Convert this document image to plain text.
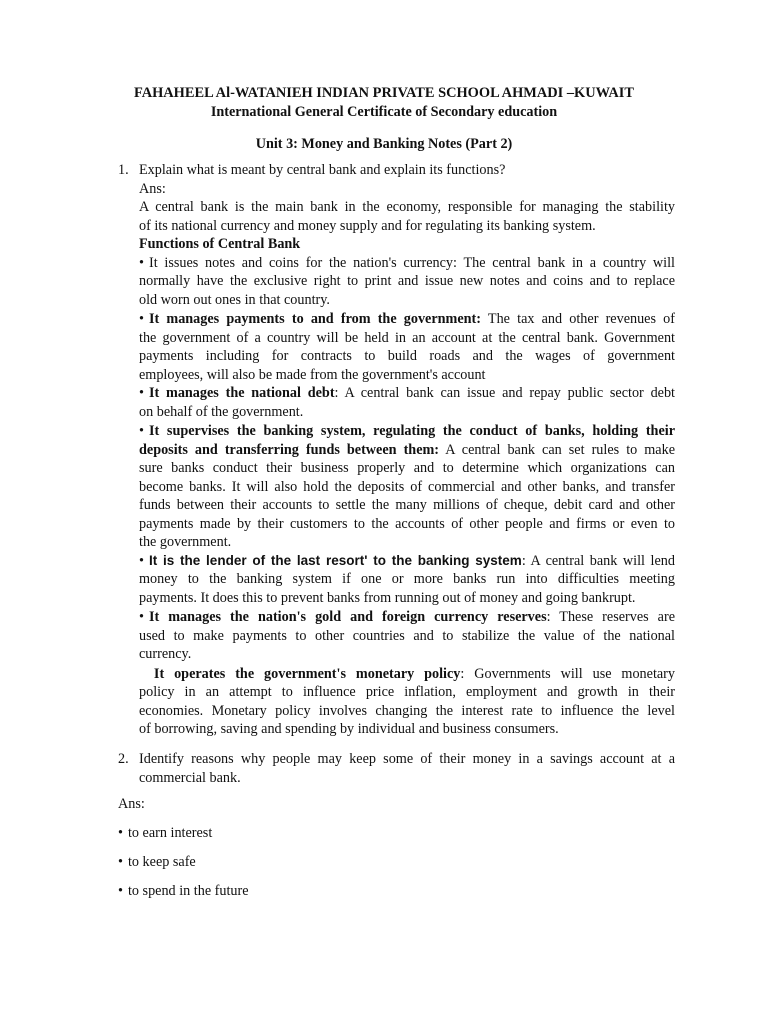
FAHAHEEL Al-WATANIEH INDIAN PRIVATE SCHOOL AHMADI –KUWAIT
International General Certificate of Secondary education
Unit 3: Money and Banking Notes (Part 2)
1. Explain what is meant by central bank and explain its functions?
Ans:
A central bank is the main bank in the economy, responsible for managing the stability
of its national currency and money supply and for regulating its banking system.
Functions of Central Bank
• It issues notes and coins for the nation's currency: The central bank in a country will
normally have the exclusive right to print and issue new notes and coins and to replace
old worn out ones in that country.
• It manages payments to and from the government: The tax and other revenues of
the government of a country will be held in an account at the central bank. Government
payments including for contracts to build roads and the wages of government
employees, will also be made from the government's account
• It manages the national debt: A central bank can issue and repay public sector debt
on behalf of the government.
• It supervises the banking system, regulating the conduct of banks, holding their
deposits and transferring funds between them: A central bank can set rules to make
sure banks conduct their business properly and to determine which organizations can
become banks. It will also hold the deposits of commercial and other banks, and transfer
funds between their accounts to settle the many millions of cheque, debit card and other
payments made by their customers to the accounts of other people and firms or even to
the government.
• It is the lender of the last resort' to the banking system: A central bank will lend
money to the banking system if one or more banks run into difficulties meeting
payments. It does this to prevent banks from running out of money and going bankrupt.
• It manages the nation's gold and foreign currency reserves: These reserves are
used to make payments to other countries and to stabilize the value of the national
currency.
It operates the government's monetary policy: Governments will use monetary
policy in an attempt to influence price inflation, employment and growth in their
economies. Monetary policy involves changing the interest rate to influence the level
of borrowing, saving and spending by individual and business consumers.
2. Identify reasons why people may keep some of their money in a savings account at a
commercial bank.
Ans:
• to earn interest
• to keep safe
• to spend in the future
